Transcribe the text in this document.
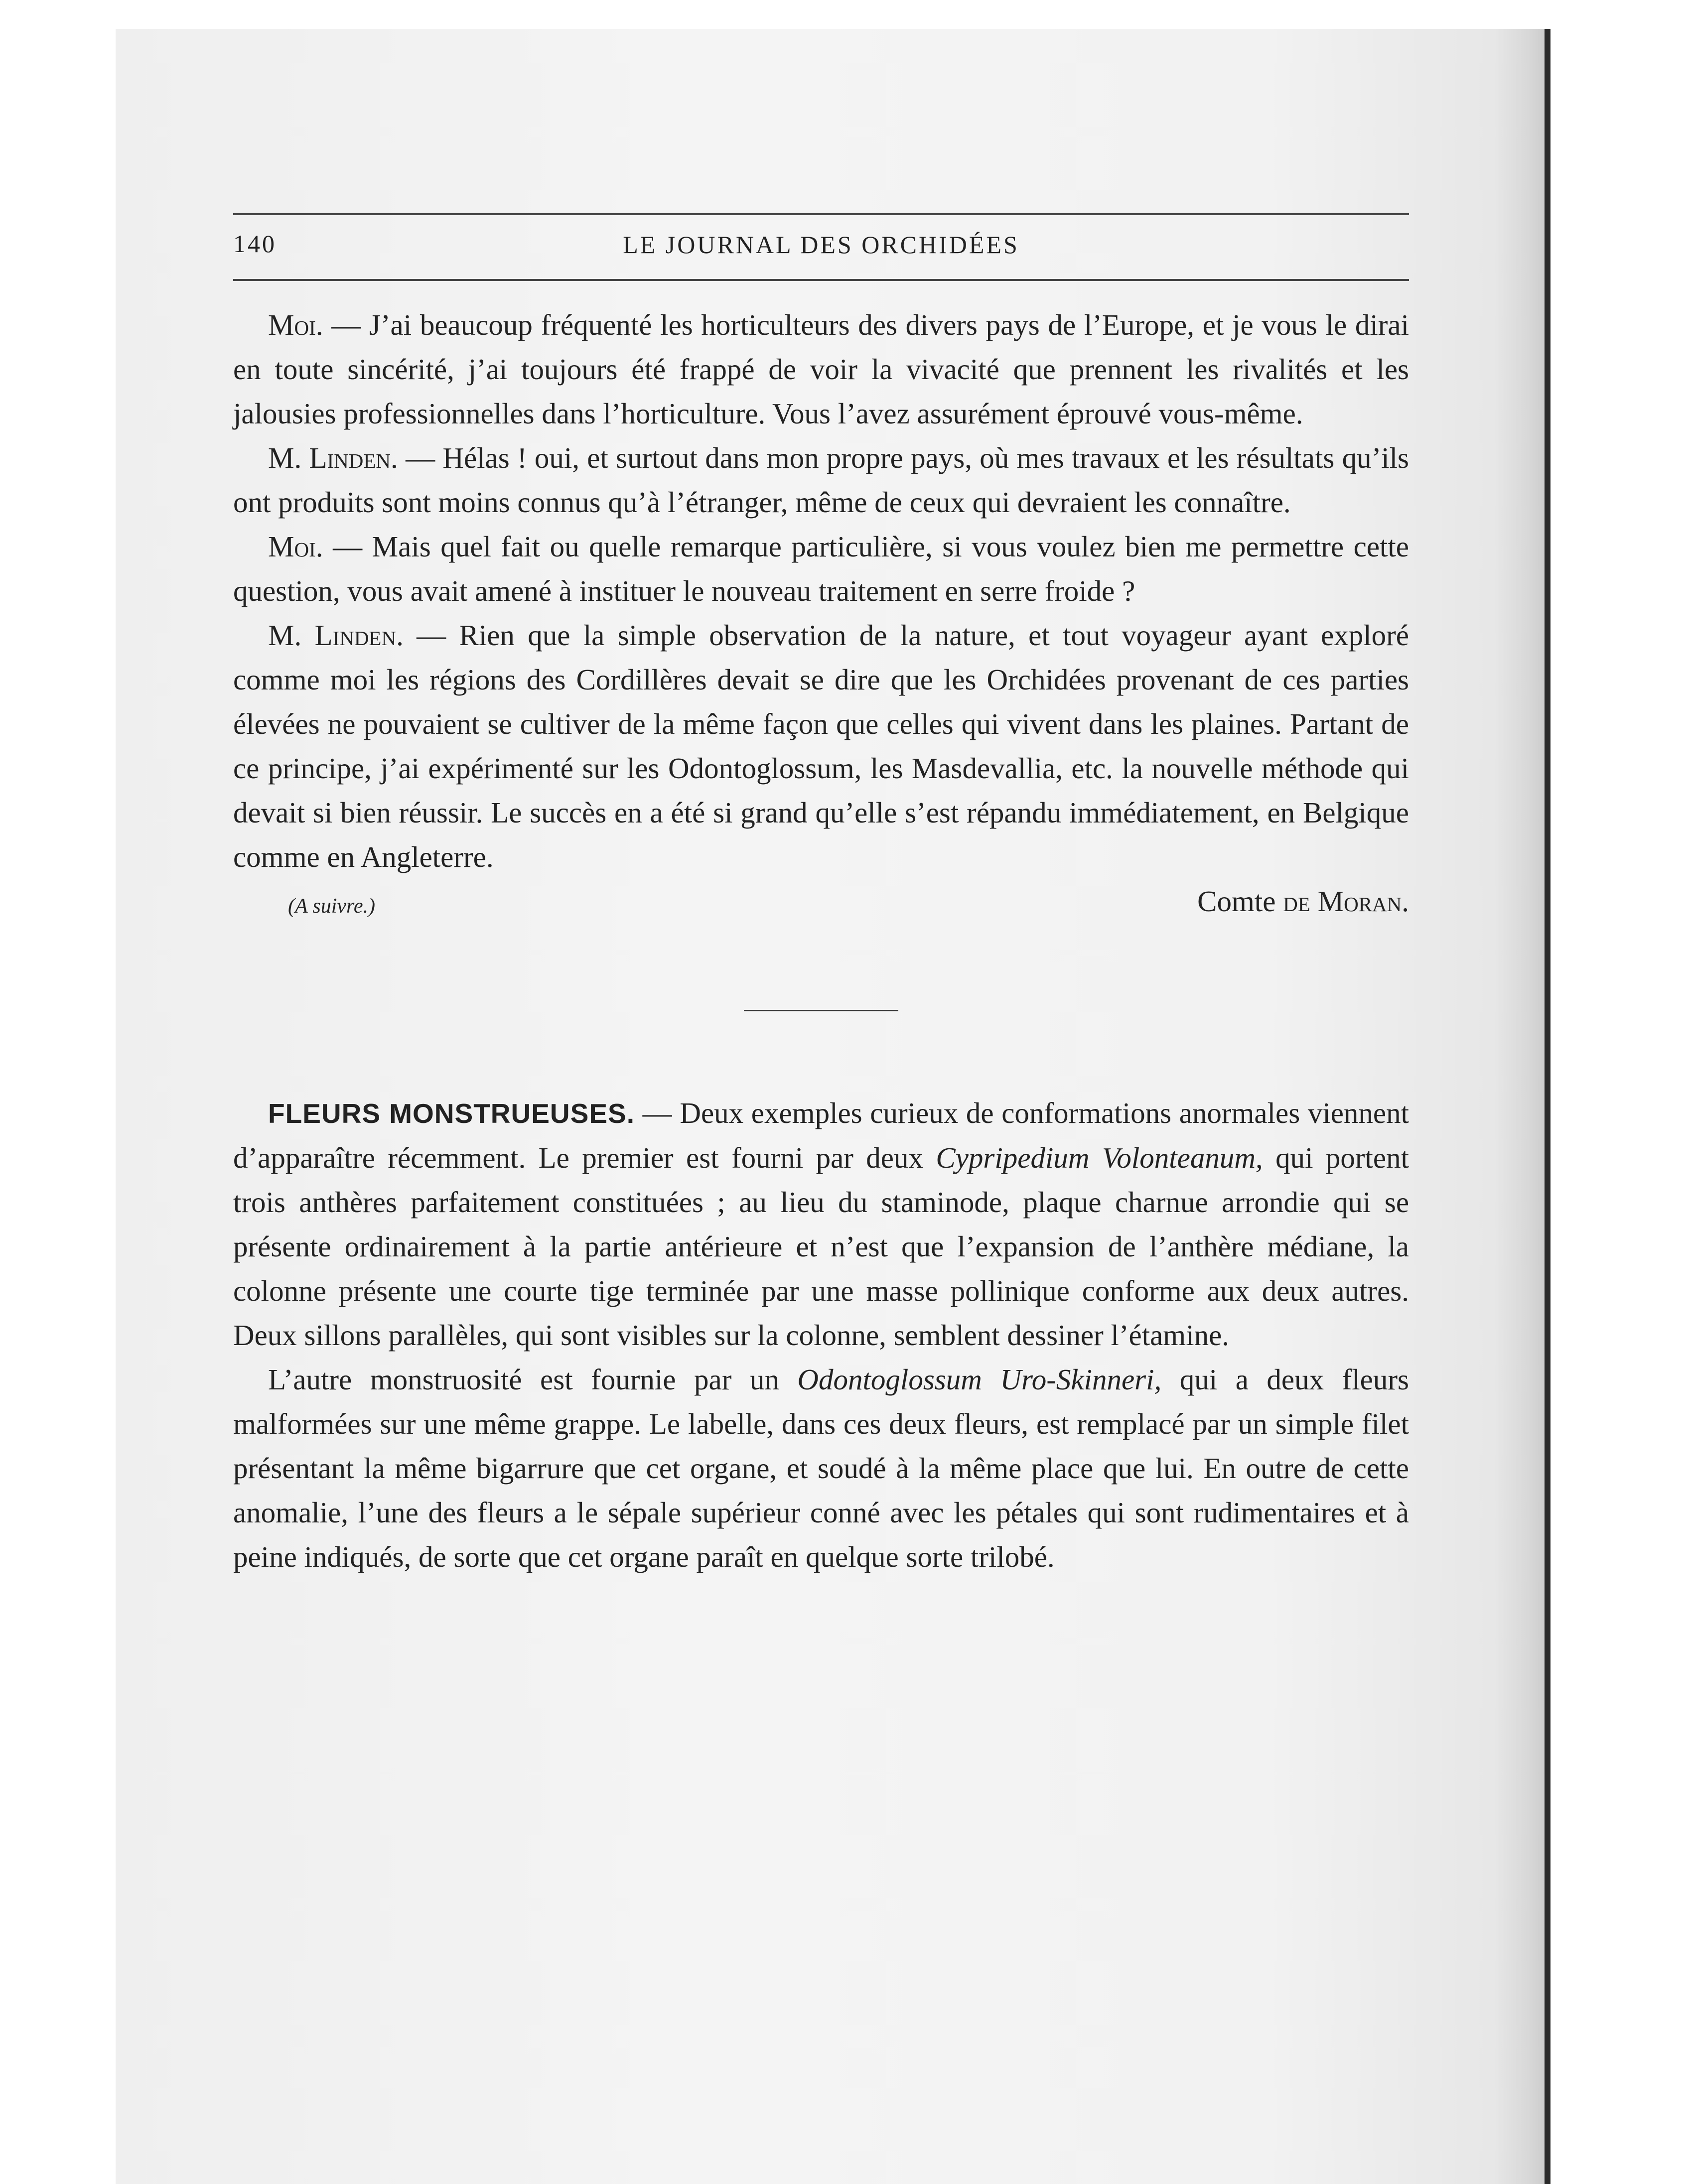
140	LE JOURNAL DES ORCHIDÉES

Moi. — J’ai beaucoup fréquenté les horticulteurs des divers pays de l’Europe, et je vous le dirai en toute sincérité, j’ai toujours été frappé de voir la vivacité que prennent les rivalités et les jalousies professionnelles dans l’horticulture. Vous l’avez assurément éprouvé vous-même.

M. Linden. — Hélas ! oui, et surtout dans mon propre pays, où mes travaux et les résultats qu’ils ont produits sont moins connus qu’à l’étranger, même de ceux qui devraient les connaître.

Moi. — Mais quel fait ou quelle remarque particulière, si vous voulez bien me permettre cette question, vous avait amené à instituer le nouveau traitement en serre froide ?

M. Linden. — Rien que la simple observation de la nature, et tout voyageur ayant exploré comme moi les régions des Cordillères devait se dire que les Orchidées provenant de ces parties élevées ne pouvaient se cultiver de la même façon que celles qui vivent dans les plaines. Partant de ce principe, j’ai expérimenté sur les Odontoglossum, les Masdevallia, etc. la nouvelle méthode qui devait si bien réussir. Le succès en a été si grand qu’elle s’est répandu immédiatement, en Belgique comme en Angleterre.

(A suivre.)	Comte de Moran.

FLEURS MONSTRUEUSES. — Deux exemples curieux de conformations anormales viennent d’apparaître récemment. Le premier est fourni par deux Cypripedium Volonteanum, qui portent trois anthères parfaitement constituées ; au lieu du staminode, plaque charnue arrondie qui se présente ordinairement à la partie antérieure et n’est que l’expansion de l’anthère médiane, la colonne présente une courte tige terminée par une masse pollinique conforme aux deux autres. Deux sillons parallèles, qui sont visibles sur la colonne, semblent dessiner l’étamine.

L’autre monstruosité est fournie par un Odontoglossum Uro-Skinneri, qui a deux fleurs malformées sur une même grappe. Le labelle, dans ces deux fleurs, est remplacé par un simple filet présentant la même bigarrure que cet organe, et soudé à la même place que lui. En outre de cette anomalie, l’une des fleurs a le sépale supérieur conné avec les pétales qui sont rudimentaires et à peine indiqués, de sorte que cet organe paraît en quelque sorte trilobé.
